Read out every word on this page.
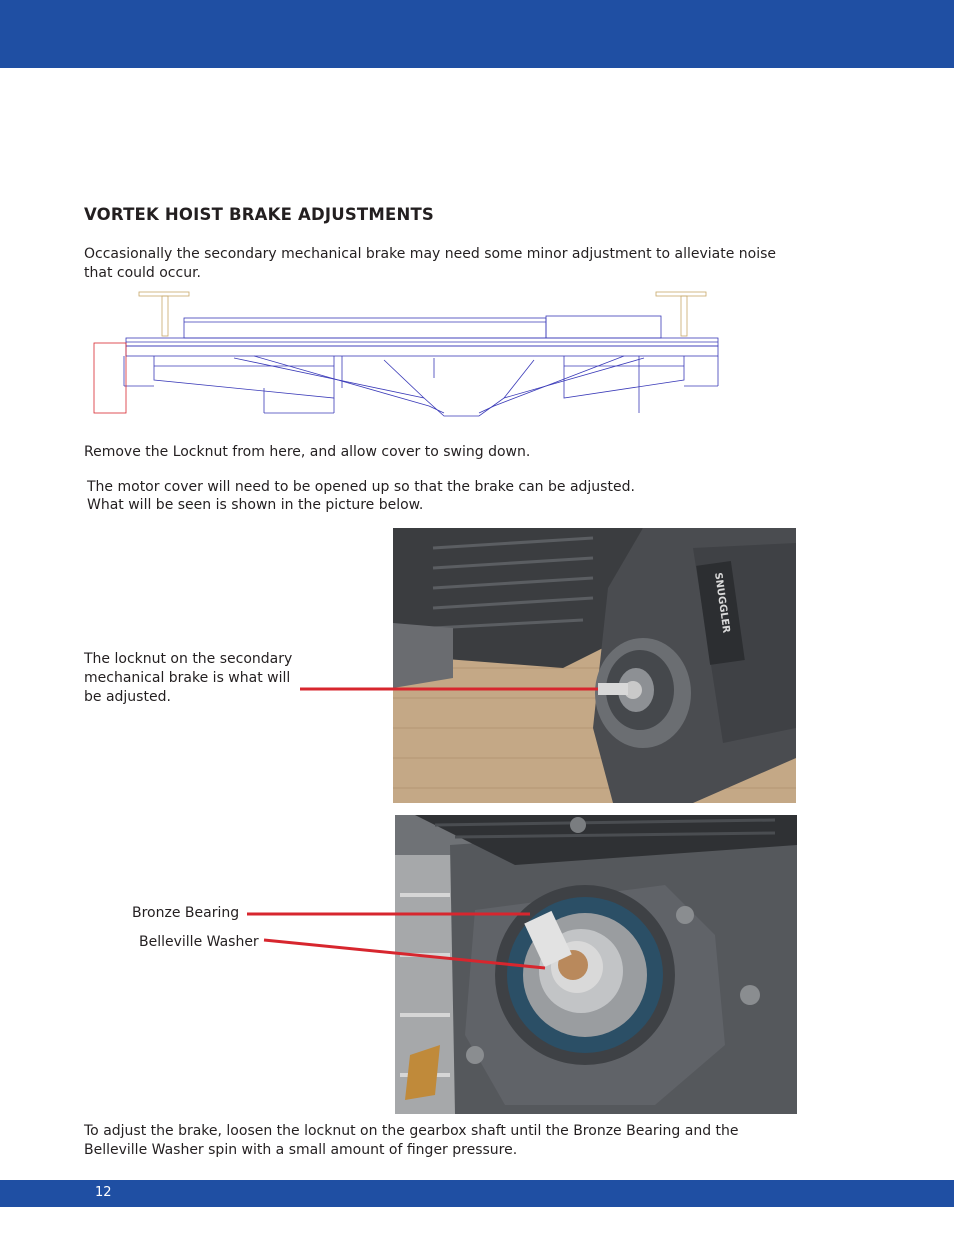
VORTEK HOIST BRAKE ADJUSTMENTS

Occasionally the secondary mechanical brake may need some minor adjustment to alleviate noise that could occur.

Remove the Locknut from here, and allow cover to swing down.

The motor cover will need to be opened up so that the brake can be adjusted.

What will be seen is shown in the picture below.

SNUGGLER

The locknut on the secondary mechanical brake is what will be adjusted.

Bronze Bearing

Belleville Washer

To adjust the brake, loosen the locknut on the gearbox shaft until the Bronze Bearing and the Belleville Washer spin with a small amount of finger pressure.

12
